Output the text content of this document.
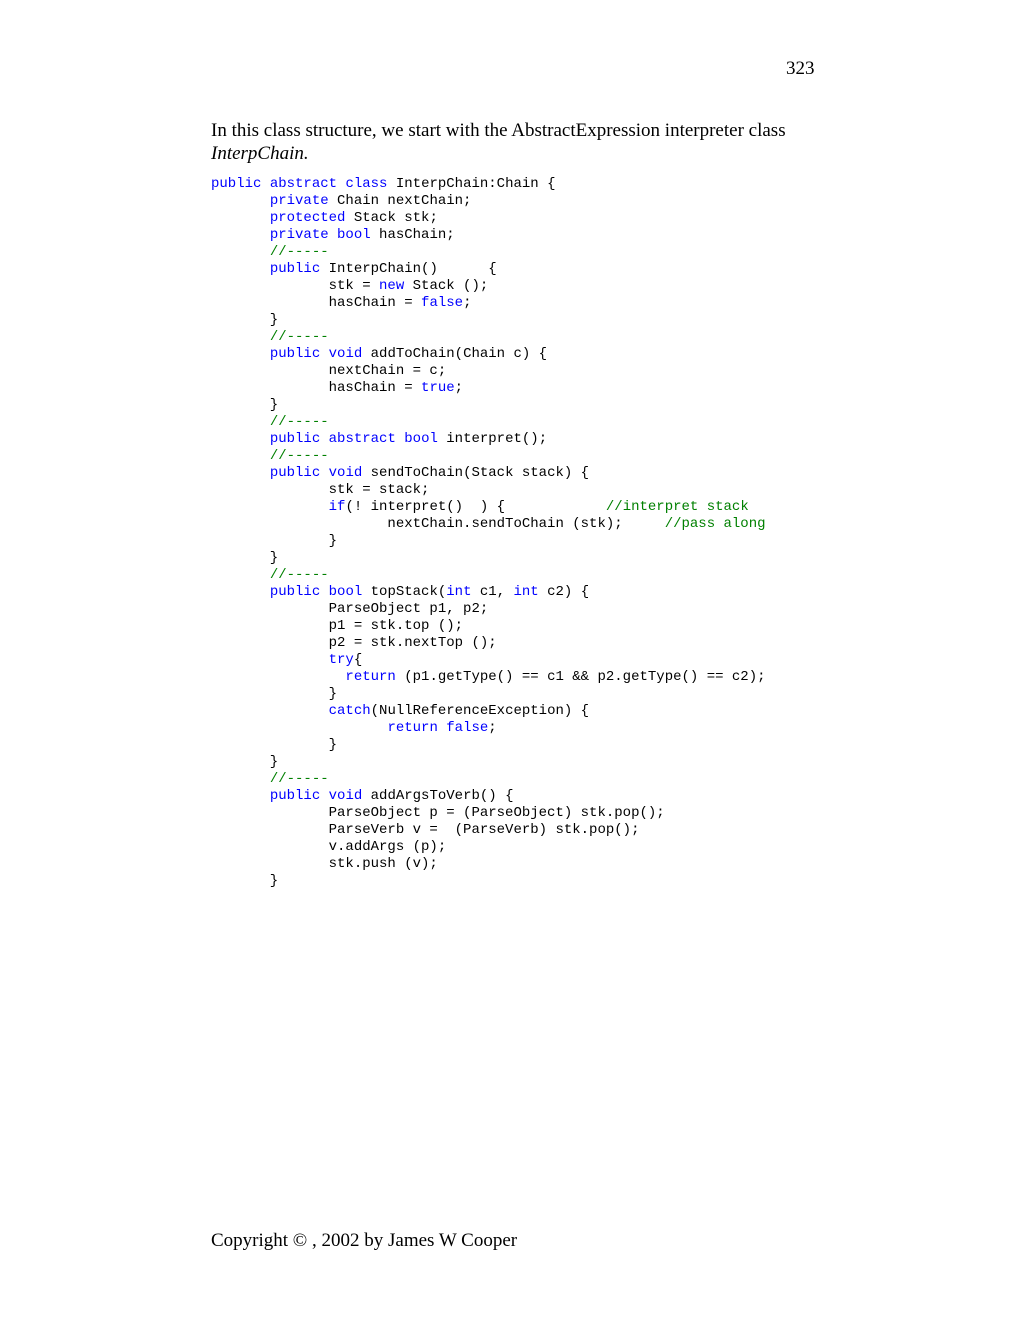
323

In this class structure, we start with the AbstractExpression interpreter class InterpChain.

public abstract class InterpChain:Chain {
private Chain nextChain;
protected Stack stk;
private bool hasChain;
//-----
public InterpChain()      {
stk = new Stack ();
hasChain = false;
}
//-----
public void addToChain(Chain c) {
nextChain = c;
hasChain = true;
}
//-----
public abstract bool interpret();
//-----
public void sendToChain(Stack stack) {
stk = stack;
if(! interpret()  ) {            //interpret stack
nextChain.sendToChain (stk);     //pass along
}
}
//-----
public bool topStack(int c1, int c2) {
ParseObject p1, p2;
p1 = stk.top ();
p2 = stk.nextTop ();
try{
return (p1.getType() == c1 && p2.getType() == c2);
}
catch(NullReferenceException) {
return false;
}
}
//-----
public void addArgsToVerb() {
ParseObject p = (ParseObject) stk.pop();
ParseVerb v =  (ParseVerb) stk.pop();
v.addArgs (p);
stk.push (v);
}
Copyright © , 2002 by James W Cooper
